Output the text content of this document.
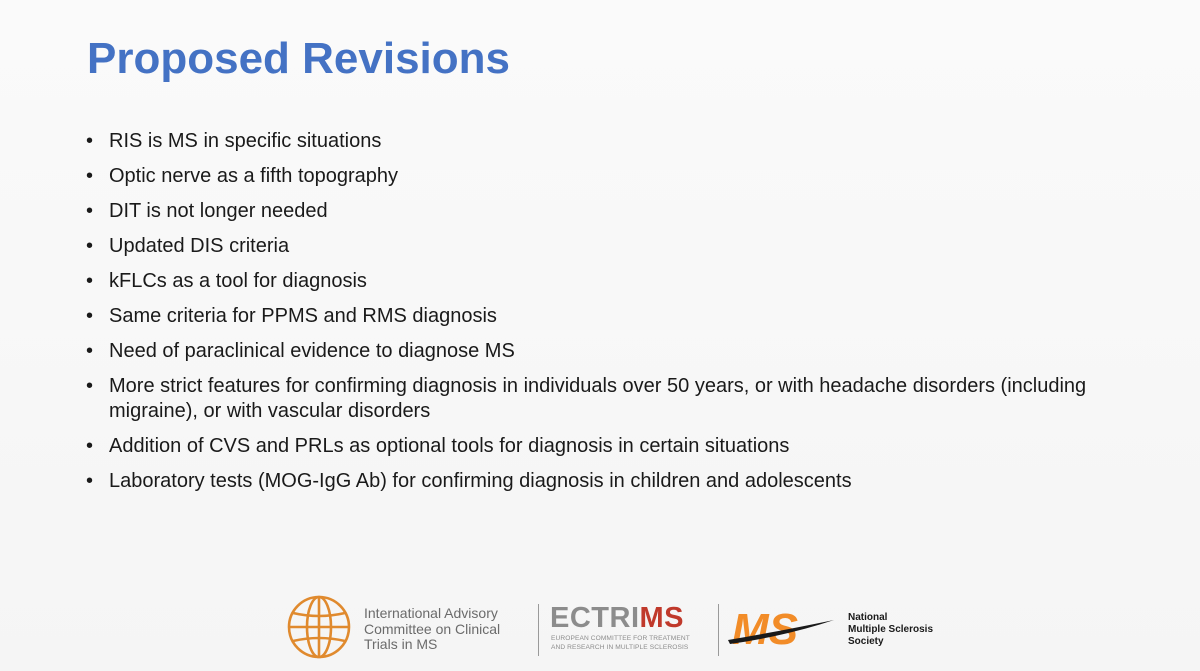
Proposed Revisions
• RIS is MS in specific situations
• Optic nerve as a fifth topography
• DIT is not longer needed
• Updated DIS criteria
• kFLCs as a tool for diagnosis
• Same criteria for PPMS and RMS diagnosis
• Need of paraclinical evidence to diagnose MS
• More strict features for confirming diagnosis in individuals over 50 years, or with headache disorders (including migraine), or with vascular disorders
• Addition of CVS and PRLs as optional tools for diagnosis in certain situations
• Laboratory tests (MOG-IgG Ab) for confirming diagnosis in children and adolescents
International Advisory
Committee on Clinical
Trials in MS
ECTRIMS
EUROPEAN COMMITTEE FOR TREATMENT
AND RESEARCH IN MULTIPLE SCLEROSIS MS	National
Multiple Sclerosis
Society
